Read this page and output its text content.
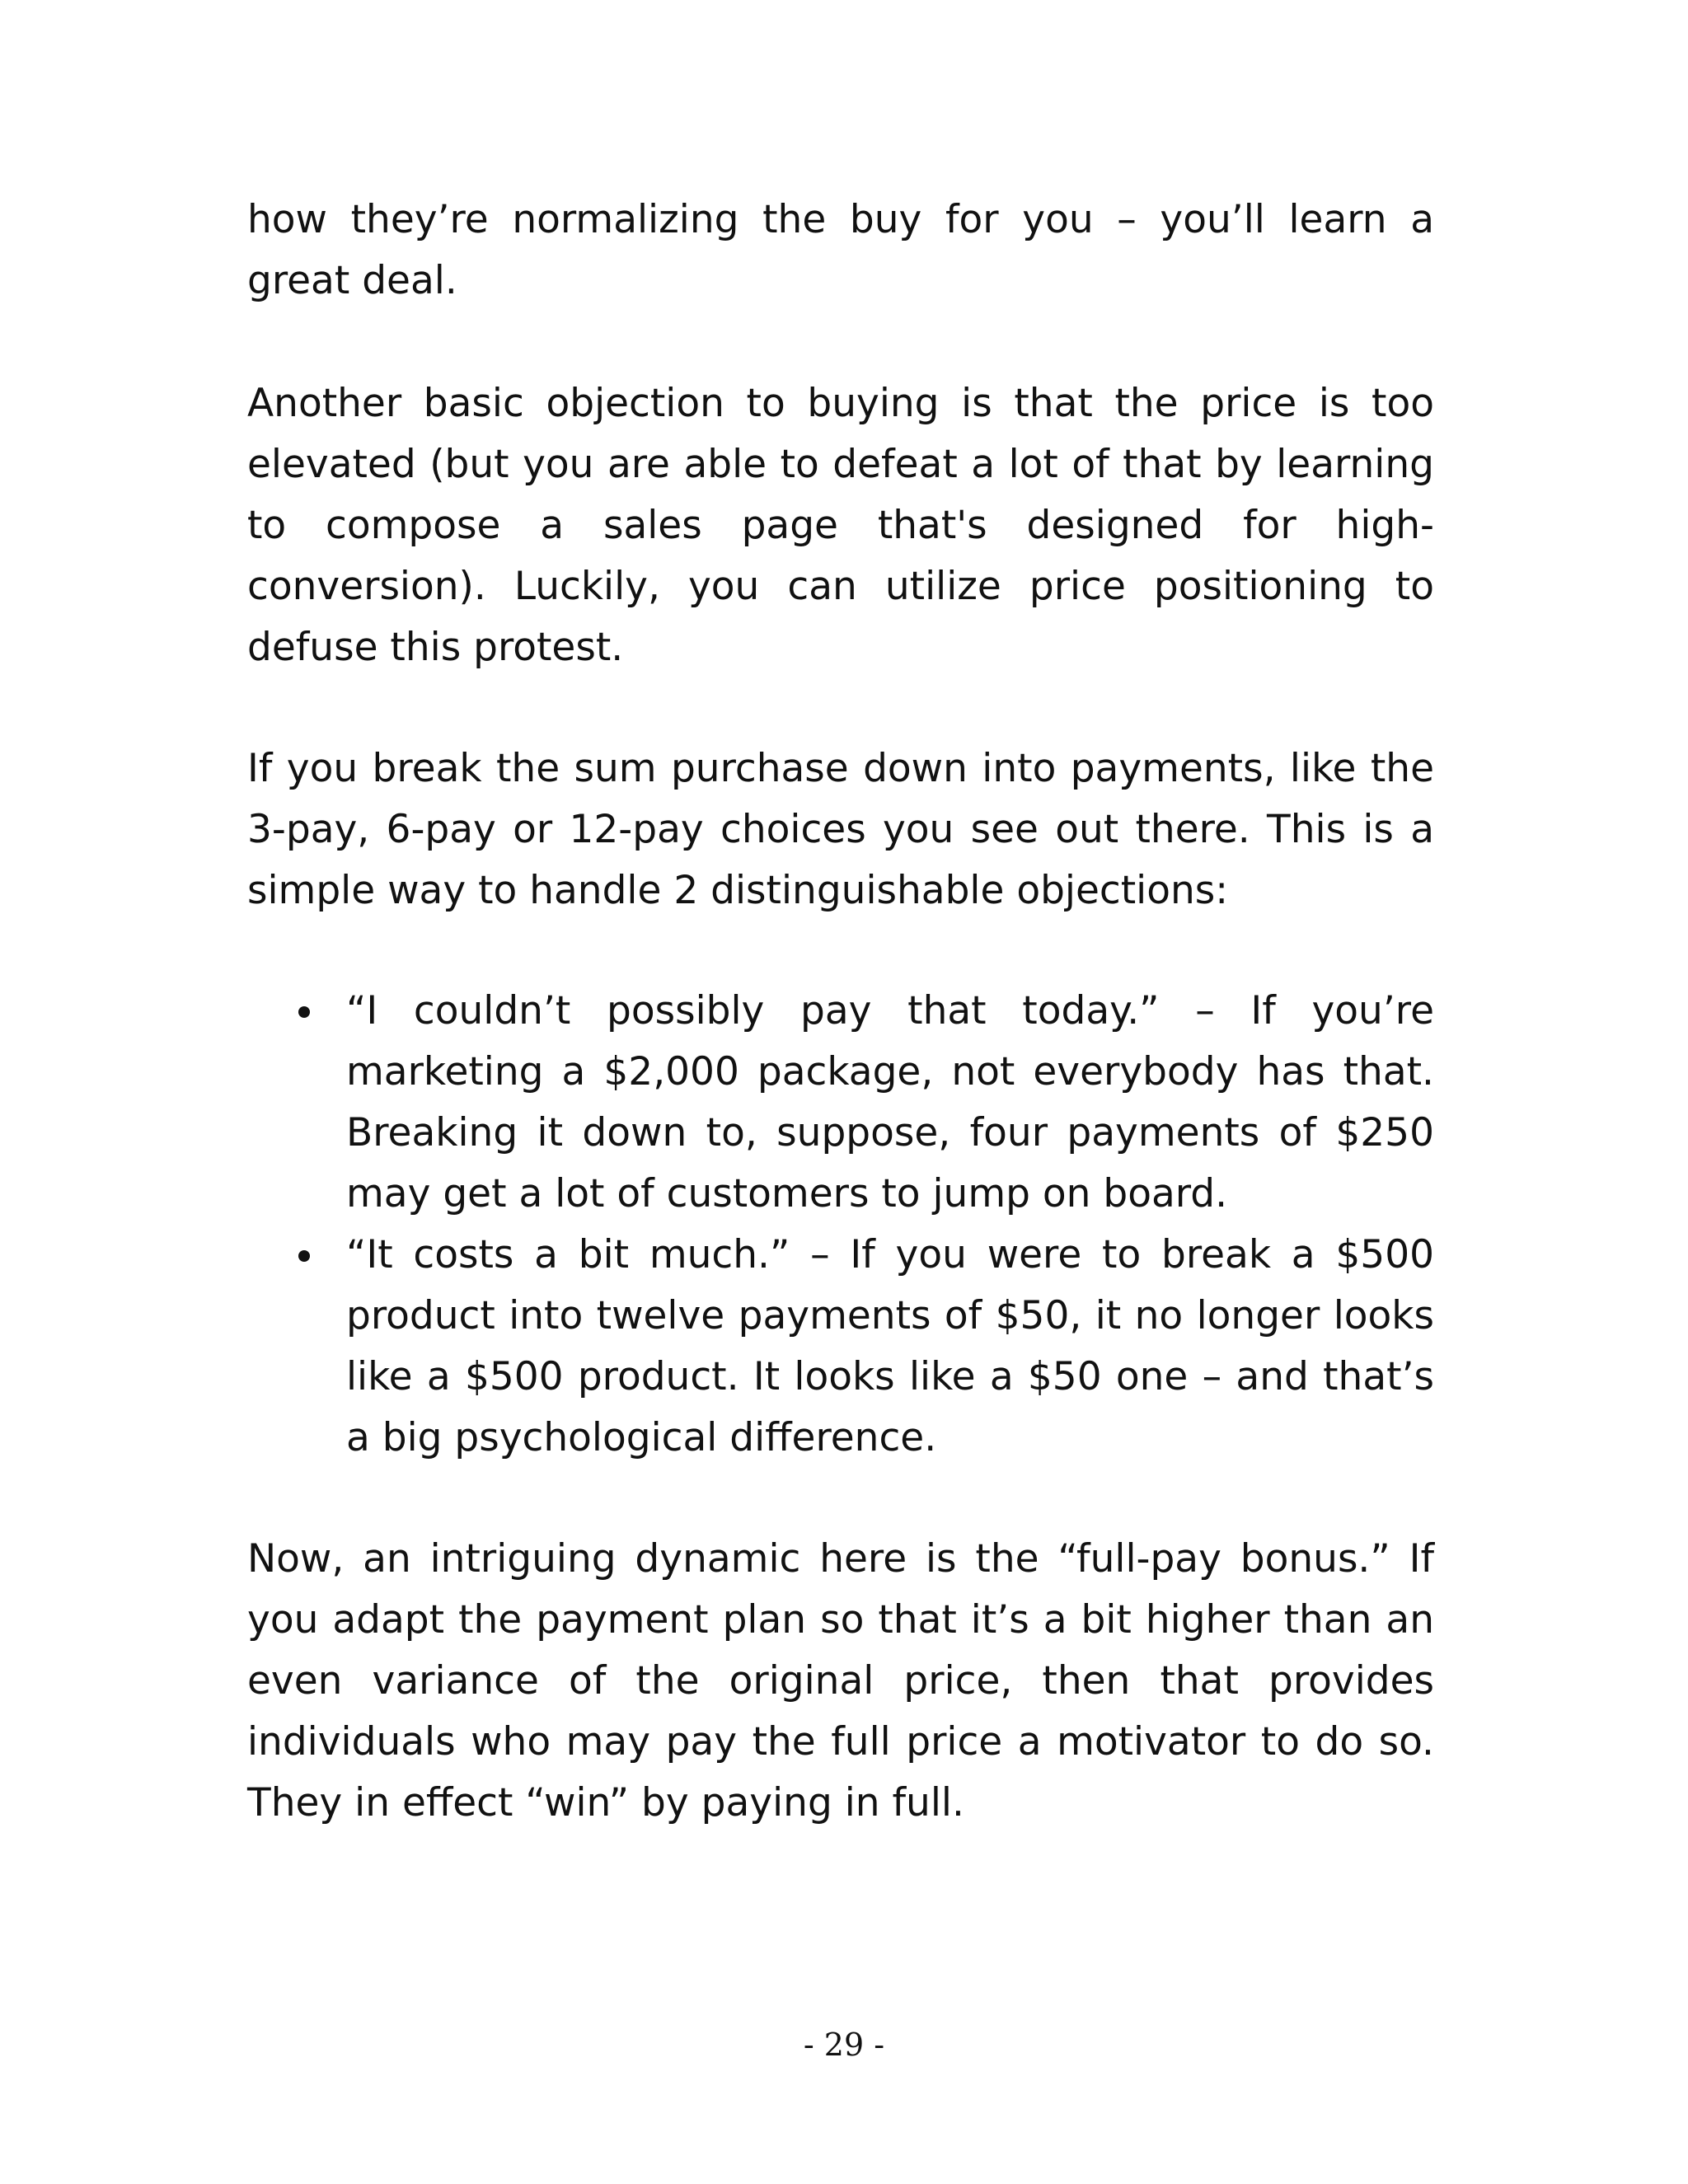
how they’re normalizing the buy for you – you’ll learn a great deal.

Another basic objection to buying is that the price is too elevated (but you are able to defeat a lot of that by learning to compose a sales page that's designed for high-conversion). Luckily, you can utilize price positioning to defuse this protest.

If you break the sum purchase down into payments, like the 3-pay, 6-pay or 12-pay choices you see out there. This is a simple way to handle 2 distinguishable objections:

“I couldn’t possibly pay that today.” – If you’re marketing a $2,000 package, not everybody has that. Breaking it down to, suppose, four payments of $250 may get a lot of customers to jump on board.
“It costs a bit much.” – If you were to break a $500 product into twelve payments of $50, it no longer looks like a $500 product. It looks like a $50 one – and that’s a big psychological difference.

Now, an intriguing dynamic here is the “full-pay bonus.” If you adapt the payment plan so that it’s a bit higher than an even variance of the original price, then that provides individuals who may pay the full price a motivator to do so. They in effect “win” by paying in full.

- 29 -
